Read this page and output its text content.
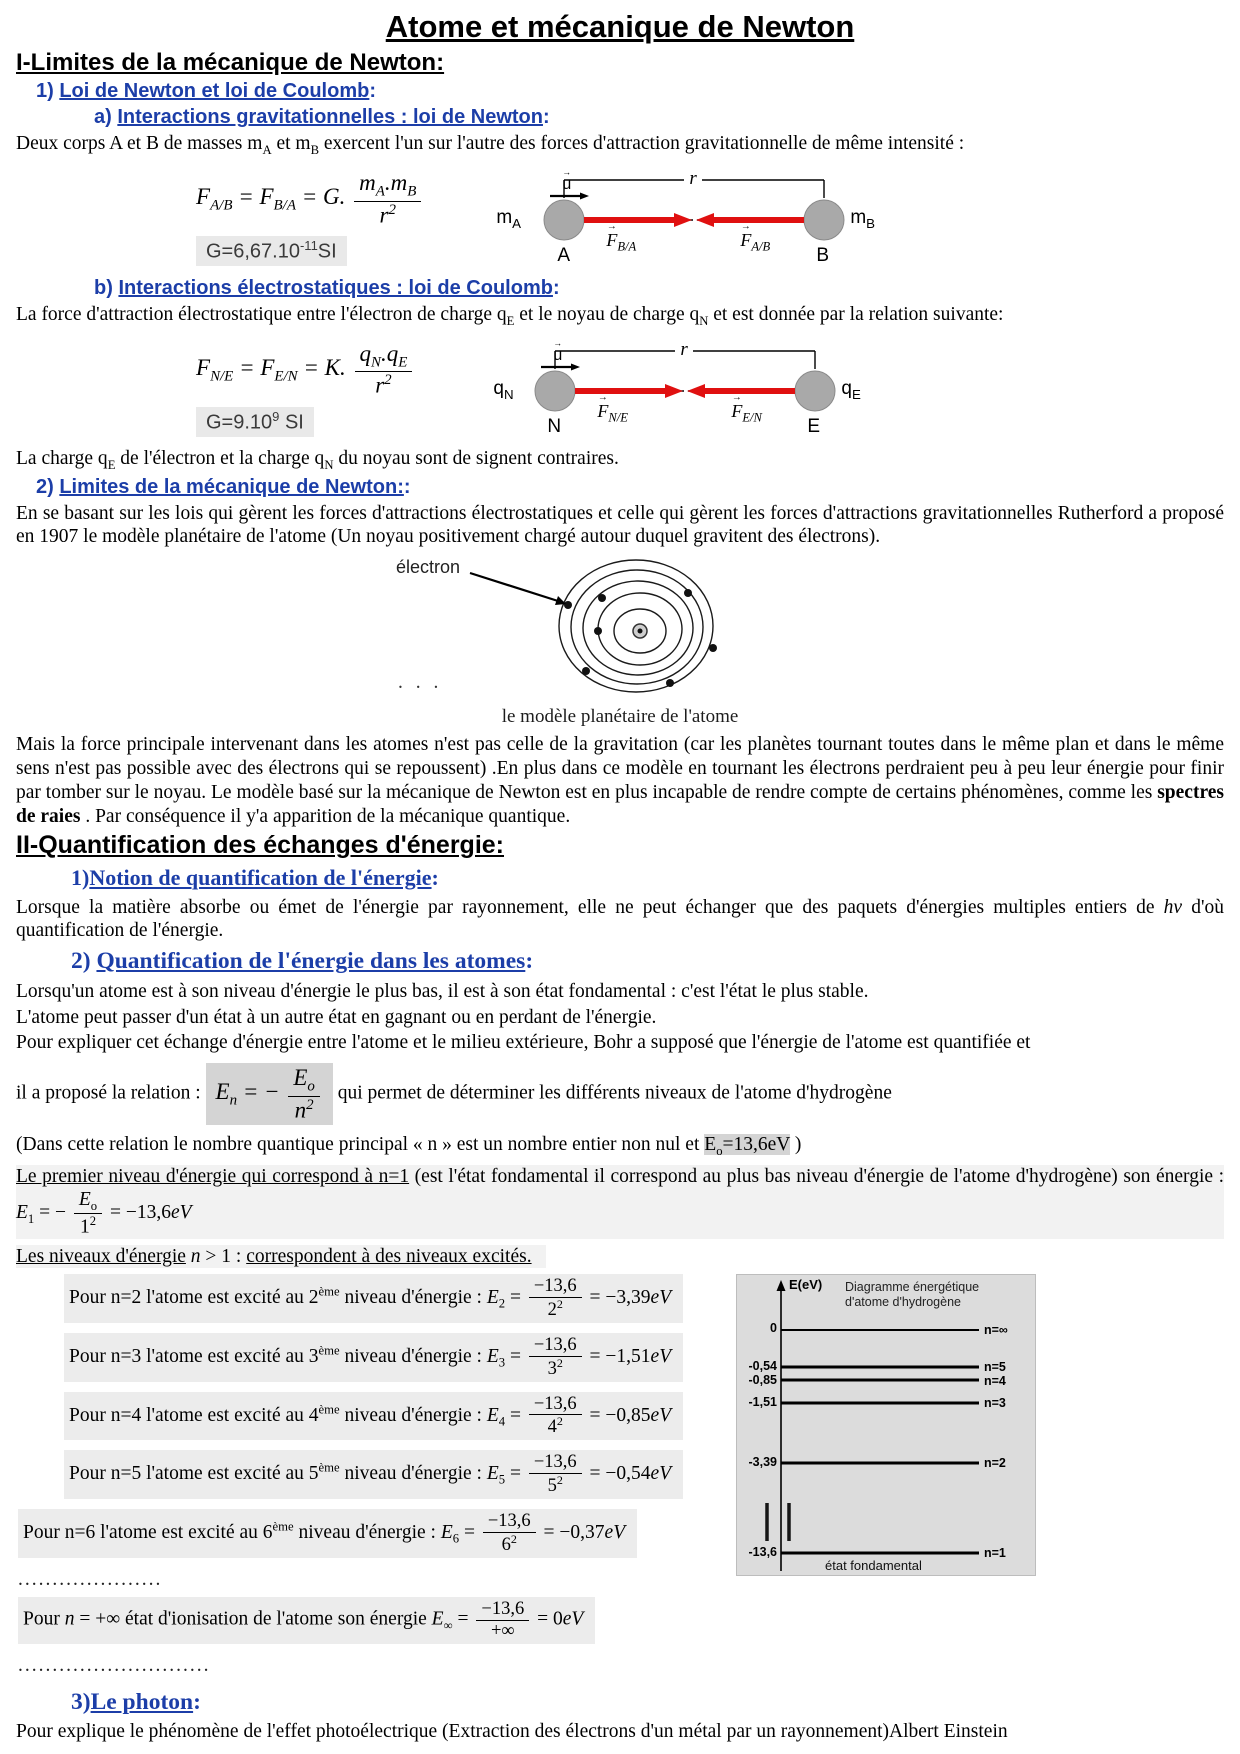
Atome et mécanique de Newton
I-Limites de la mécanique de Newton:
1) Loi de Newton et loi de Coulomb:
a) Interactions gravitationnelles : loi de Newton:

Deux corps A et B de masses $m_A$ et $m_B$ exercent l'un sur l'autre des forces d'attraction gravitationnelle de même intensité :

$F_{A/B} = F_{B/A} = G$. $\frac{m_A.m_B}{r^2}$
$G=6,67.10^{-11}SI$
$m_A$
A
u →	r
$F \to_{B/A}$	$F \to_{A/B}$ B
$m_B$
b) Interactions électrostatiques : loi de Coulomb:

La force d'attraction électrostatique entre l'électron de charge $q_E$ et le noyau de charge $q_N$ et est donnée par la relation suivante:

$F_{N/E} = F_{E/N} = K$. $\frac{q_N.q_E}{r^2}$
$G=9.10^9$ SI
$q_N$
N
u →	r
$F \to_{N/E}$	$F \to_{E/N}$ E
$q_E$

La charge $q_E$ de l'électron et la charge $q_N$ du noyau sont de signent contraires.

2) Limites de la mécanique de Newton::

En se basant sur les lois qui gèrent les forces d'attractions électrostatiques et celle qui gèrent les forces d'attractions gravitationnelles Rutherford a proposé en 1907 le modèle planétaire de l'atome (Un noyau positivement chargé autour duquel gravitent des électrons).

électron
. . .
le modèle planétaire de l'atome

Mais la force principale intervenant dans les atomes n'est pas celle de la gravitation (car les planètes tournant toutes dans le même plan et dans le même sens n'est pas possible avec des électrons qui se repoussent) .En plus dans ce modèle en tournant les électrons perdraient peu à peu leur énergie pour finir par tomber sur le noyau. Le modèle basé sur la mécanique de Newton est en plus incapable de rendre compte de certains phénomènes, comme les spectres de raies . Par conséquence il y'a apparition de la mécanique quantique.

II-Quantification des échanges d'énergie:
1)Notion de quantification de l'énergie:

Lorsque la matière absorbe ou émet de l'énergie par rayonnement, elle ne peut échanger que des paquets d'énergies multiples entiers de hν d'où quantification de l'énergie.

2) Quantification de l'énergie dans les atomes:

Lorsqu'un atome est à son niveau d'énergie le plus bas, il est à son état fondamental : c'est l'état le plus stable.

L'atome peut passer d'un état à un autre état en gagnant ou en perdant de l'énergie.

Pour expliquer cet échange d'énergie entre l'atome et le milieu extérieure, Bohr a supposé que l'énergie de l'atome est quantifiée et

il a proposé la relation : $E_n$ = − $\frac{E_o}{n^2}$ qui permet de déterminer les différents niveaux de l'atome d'hydrogène

(Dans cette relation le nombre quantique principal « n » est un nombre entier non nul et $E_o=13,6eV$ )

Le premier niveau d'énergie qui correspond à n=1 (est l'état fondamental il correspond au plus bas niveau d'énergie de l'atome d'hydrogène) son énergie : $E_1$ = − $\frac{E_o}{1^2} = -13,6eV$

Les niveaux d'énergie n > 1 : correspondent à des niveaux excités.

Pour n=2 l'atome est excité au 2ème niveau d'énergie : $E_2 = \frac{-13,6}{2^2} = -3,39eV$
Pour n=3 l'atome est excité au 3ème niveau d'énergie : $E_3 = \frac{-13,6}{3^2} = -1,51eV$
Pour n=4 l'atome est excité au 4ème niveau d'énergie : $E_4 = \frac{-13,6}{4^2} = -0,85eV$
Pour n=5 l'atome est excité au 5ème niveau d'énergie : $E_5 = \frac{-13,6}{5^2} = -0,54eV$
Pour n=6 l'atome est excité au 6ème niveau d'énergie : $E_6 = \frac{-13,6}{6^2} = -0,37eV$
.....................
Pour n = +∞ état d'ionisation de l'atome son énergie $E_\infty = \frac{-13,6}{+\infty} = 0eV$
............................
E(eV) Diagramme énergétique
d'atome d'hydrogène
0
-0,54
-0,85
-1,51
-3,39
-13,6
n=∞
n=5
n=4
n=3
n=2
n=1
état fondamental
3)Le photon:

Pour explique le phénomène de l'effet photoélectrique (Extraction des électrons d'un métal par un rayonnement)Albert Einstein
